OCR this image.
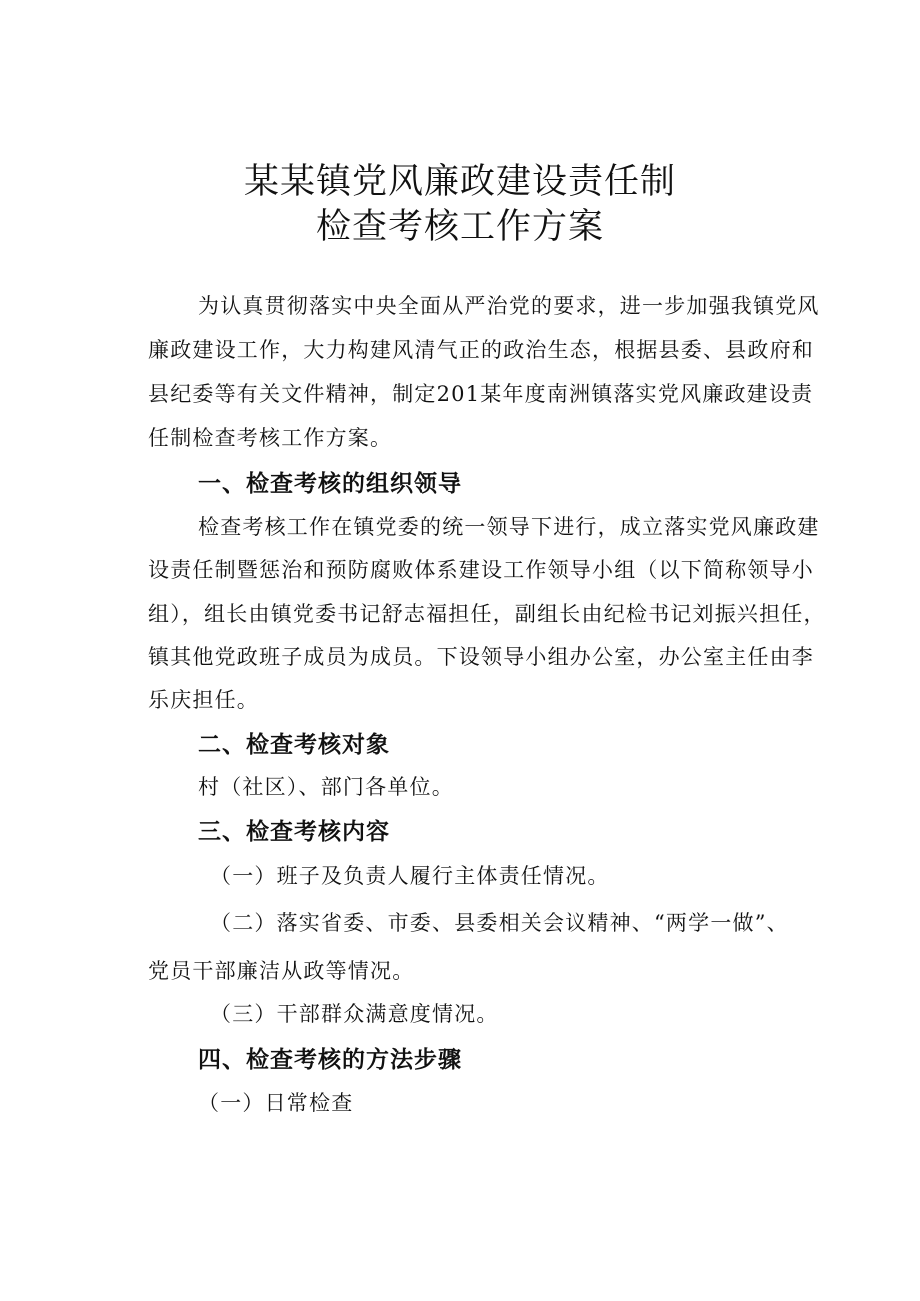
某某镇党风廉政建设责任制
检查考核工作方案
为认真贯彻落实中央全面从严治党的要求，进一步加强我镇党风
廉政建设工作，大力构建风清气正的政治生态，根据县委、县政府和
县纪委等有关文件精神，制定201某年度南洲镇落实党风廉政建设责
任制检查考核工作方案。
一、检查考核的组织领导
检查考核工作在镇党委的统一领导下进行，成立落实党风廉政建
设责任制暨惩治和预防腐败体系建设工作领导小组（以下简称领导小
组），组长由镇党委书记舒志福担任，副组长由纪检书记刘振兴担任，
镇其他党政班子成员为成员。下设领导小组办公室，办公室主任由李
乐庆担任。
二、检查考核对象
村（社区）、部门各单位。
三、检查考核内容
（一）班子及负责人履行主体责任情况。
（二）落实省委、市委、县委相关会议精神、“两学一做”、
党员干部廉洁从政等情况。
（三）干部群众满意度情况。
四、检查考核的方法步骤
（一）日常检查
